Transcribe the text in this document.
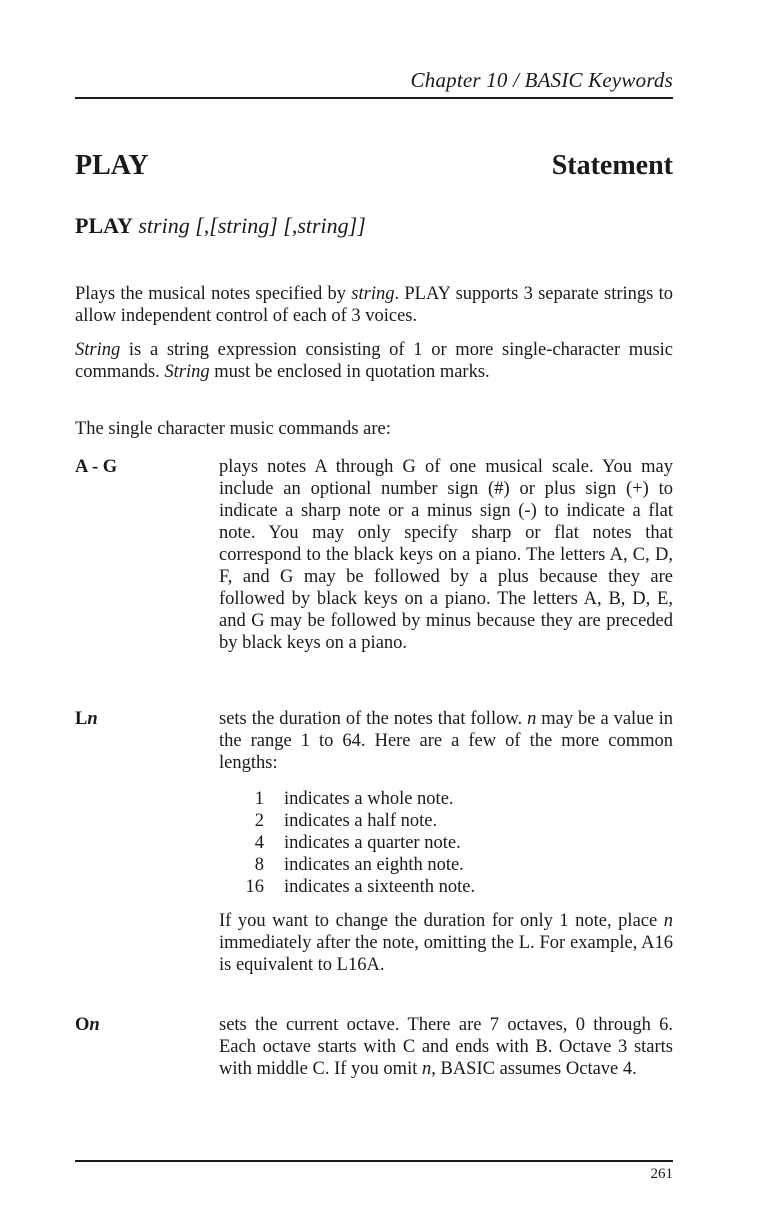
Chapter 10 / BASIC Keywords
PLAY	Statement
PLAY string [,[string] [,string]]
Plays the musical notes specified by string. PLAY supports 3 separate strings to allow independent control of each of 3 voices.
String is a string expression consisting of 1 or more single-character music commands. String must be enclosed in quotation marks.
The single character music commands are:
A - G	plays notes A through G of one musical scale. You may include an optional number sign (#) or plus sign (+) to indicate a sharp note or a minus sign (-) to indicate a flat note. You may only specify sharp or flat notes that correspond to the black keys on a piano. The letters A, C, D, F, and G may be followed by a plus because they are followed by black keys on a piano. The letters A, B, D, E, and G may be followed by minus because they are preceded by black keys on a piano.
Ln	sets the duration of the notes that follow. n may be a value in the range 1 to 64. Here are a few of the more common lengths:
1 indicates a whole note.
2 indicates a half note.
4 indicates a quarter note.
8 indicates an eighth note.
16 indicates a sixteenth note.
If you want to change the duration for only 1 note, place n immediately after the note, omitting the L. For example, A16 is equivalent to L16A.
On	sets the current octave. There are 7 octaves, 0 through 6. Each octave starts with C and ends with B. Octave 3 starts with middle C. If you omit n, BASIC assumes Octave 4.
261
